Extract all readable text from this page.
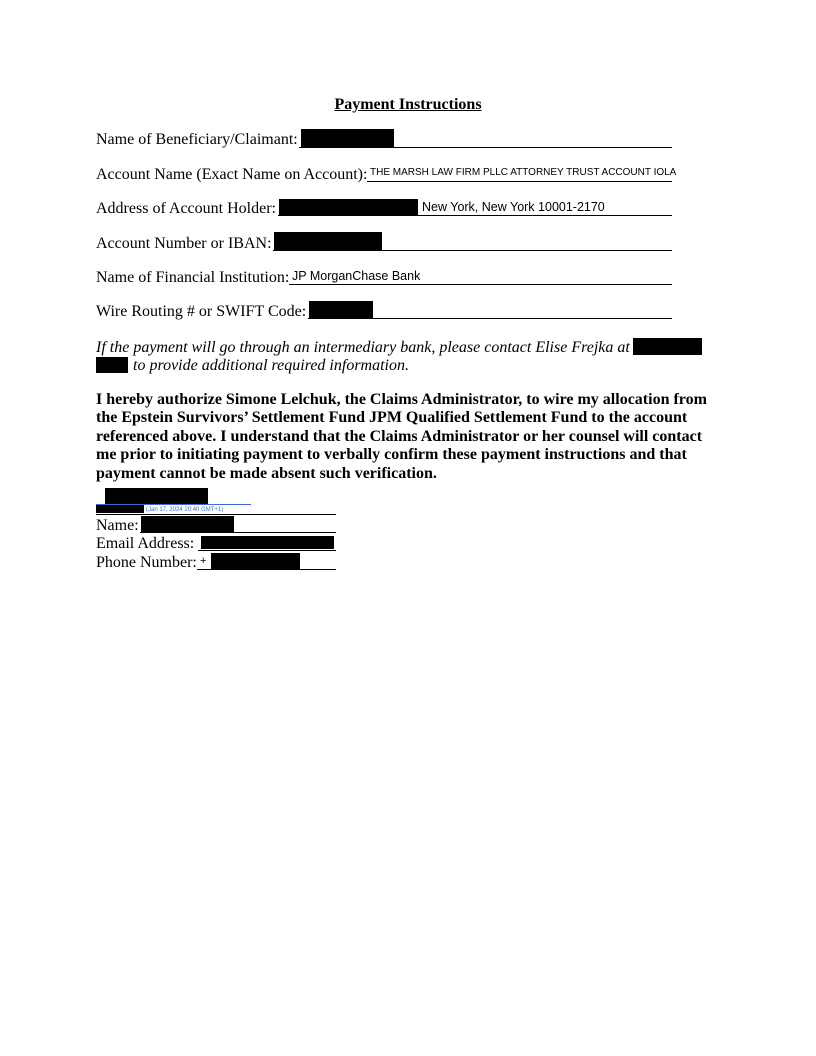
Payment Instructions
Name of Beneficiary/Claimant:
Account Name (Exact Name on Account): THE MARSH LAW FIRM PLLC ATTORNEY TRUST ACCOUNT IOLA
Address of Account Holder:	New York, New York 10001-2170
Account Number or IBAN:
Name of Financial Institution: JP MorganChase Bank
Wire Routing # or SWIFT Code:
If the payment will go through an intermediary bank, please contact Elise Frejka at
to provide additional required information.
I hereby authorize Simone Lelchuk, the Claims Administrator, to wire my allocation from the Epstein Survivors’ Settlement Fund JPM Qualified Settlement Fund to the account referenced above. I understand that the Claims Administrator or her counsel will contact me prior to initiating payment to verbally confirm these payment instructions and that payment cannot be made absent such verification.
(Jan 17, 2024 20:40 GMT+1)
Name:
Email Address:
Phone Number: +
